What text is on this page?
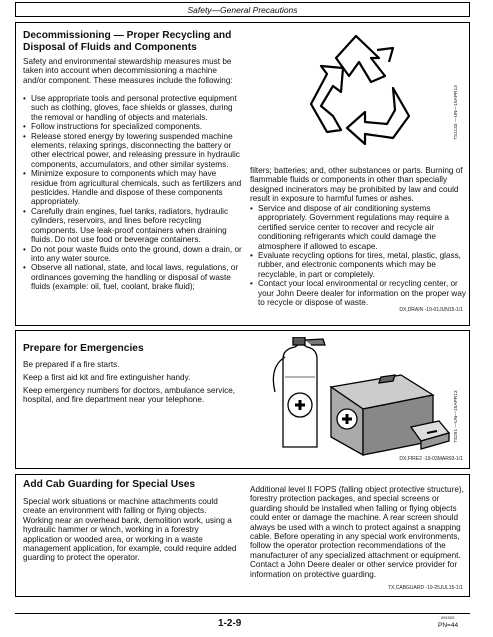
Safety—General Precautions
Decommissioning — Proper Recycling and Disposal of Fluids and Components

Safety and environmental stewardship measures must be taken into account when decommissioning a machine and/or component. These measures include the following:

• Use appropriate tools and personal protective equipment such as clothing, gloves, face shields or glasses, during the removal or handling of objects and materials.
• Follow instructions for specialized components.
• Release stored energy by lowering suspended machine elements, relaxing springs, disconnecting the battery or other electrical power, and releasing pressure in hydraulic components, accumulators, and other similar systems.
• Minimize exposure to components which may have residue from agricultural chemicals, such as fertilizers and pesticides. Handle and dispose of these components appropriately.
• Carefully drain engines, fuel tanks, radiators, hydraulic cylinders, reservoirs, and lines before recycling components. Use leak-proof containers when draining fluids. Do not use food or beverage containers.
• Do not pour waste fluids onto the ground, down a drain, or into any water source.
• Observe all national, state, and local laws, regulations, or ordinances governing the handling or disposal of waste fluids (example: oil, fuel, coolant, brake fluid);
TS1133 —UN—15APR13

filters; batteries; and, other substances or parts. Burning of flammable fluids or components in other than specially designed incinerators may be prohibited by law and could result in exposure to harmful fumes or ashes.

• Service and dispose of air conditioning systems appropriately. Government regulations may require a certified service center to recover and recycle air conditioning refrigerants which could damage the atmosphere if allowed to escape.
• Evaluate recycling options for tires, metal, plastic, glass, rubber, and electronic components which may be recyclable, in part or completely.
• Contact your local environmental or recycling center, or your John Deere dealer for information on the proper way to recycle or dispose of waste.
DX,DRAIN -19-01JUN15-1/1
Prepare for Emergencies

Be prepared if a fire starts.

Keep a first aid kit and fire extinguisher handy.

Keep emergency numbers for doctors, ambulance service, hospital, and fire department near your telephone.	TS291 —UN—15APR13
DX,FIRE2 -19-03MAR93-1/1
Add Cab Guarding for Special Uses

Special work situations or machine attachments could create an environment with falling or flying objects. Working near an overhead bank, demolition work, using a hydraulic hammer or winch, working in a forestry application or wooded area, or working in a waste management application, for example, could require added guarding to protect the operator.

Additional level II FOPS (falling object protective structure), forestry protection packages, and special screens or guarding should be installed when falling or flying objects could enter or damage the machine. A rear screen should always be used with a winch to protect against a snapping cable. Before operating in any special work environments, follow the operator protection recommendations of the manufacturer of any specialized attachment or equipment. Contact a John Deere dealer or other service provider for information on protective guarding.

TX,CABGUARD -19-25JUL15-1/1
1-2-9
091920
PN=44
